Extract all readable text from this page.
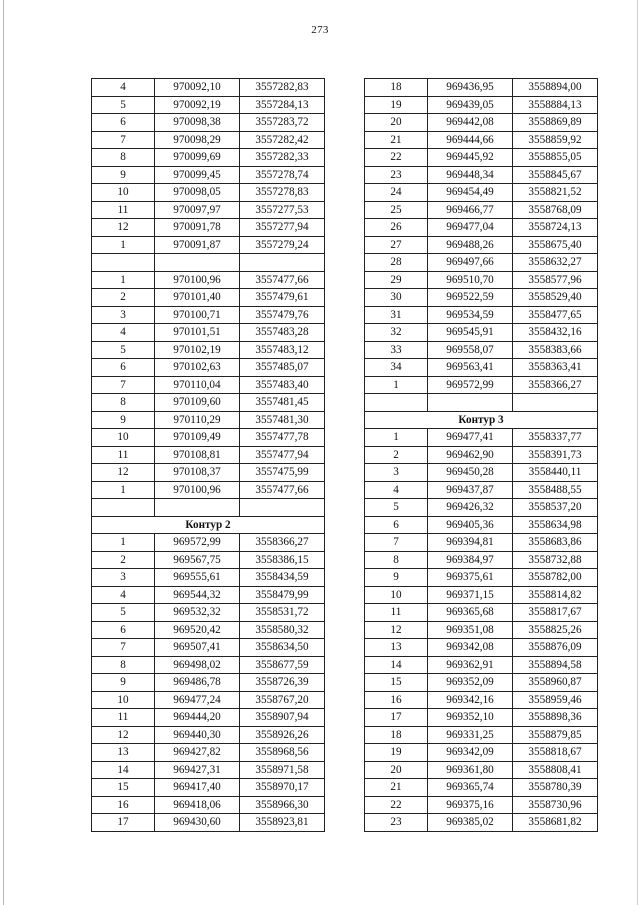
273
4	970092,10	3557282,83
5	970092,19	3557284,13
6	970098,38	3557283,72
7	970098,29	3557282,42
8	970099,69	3557282,33
9	970099,45	3557278,74
10	970098,05	3557278,83
11	970097,97	3557277,53
12	970091,78	3557277,94
1	970091,87	3557279,24

1	970100,96	3557477,66
2	970101,40	3557479,61
3	970100,71	3557479,76
4	970101,51	3557483,28
5	970102,19	3557483,12
6	970102,63	3557485,07
7	970110,04	3557483,40
8	970109,60	3557481,45
9	970110,29	3557481,30
10	970109,49	3557477,78
11	970108,81	3557477,94
12	970108,37	3557475,99
1	970100,96	3557477,66

Контур 2		
1	969572,99	3558366,27
2	969567,75	3558386,15
3	969555,61	3558434,59
4	969544,32	3558479,99
5	969532,32	3558531,72
6	969520,42	3558580,32
7	969507,41	3558634,50
8	969498,02	3558677,59
9	969486,78	3558726,39
10	969477,24	3558767,20
11	969444,20	3558907,94
12	969440,30	3558926,26
13	969427,82	3558968,56
14	969427,31	3558971,58
15	969417,40	3558970,17
16	969418,06	3558966,30
17	969430,60	3558923,81
18	969436,95	3558894,00
19	969439,05	3558884,13
20	969442,08	3558869,89
21	969444,66	3558859,92
22	969445,92	3558855,05
23	969448,34	3558845,67
24	969454,49	3558821,52
25	969466,77	3558768,09
26	969477,04	3558724,13
27	969488,26	3558675,40
28	969497,66	3558632,27
29	969510,70	3558577,96
30	969522,59	3558529,40
31	969534,59	3558477,65
32	969545,91	3558432,16
33	969558,07	3558383,66
34	969563,41	3558363,41
1	969572,99	3558366,27

Контур 3		
1	969477,41	3558337,77
2	969462,90	3558391,73
3	969450,28	3558440,11
4	969437,87	3558488,55
5	969426,32	3558537,20
6	969405,36	3558634,98
7	969394,81	3558683,86
8	969384,97	3558732,88
9	969375,61	3558782,00
10	969371,15	3558814,82
11	969365,68	3558817,67
12	969351,08	3558825,26
13	969342,08	3558876,09
14	969362,91	3558894,58
15	969352,09	3558960,87
16	969342,16	3558959,46
17	969352,10	3558898,36
18	969331,25	3558879,85
19	969342,09	3558818,67
20	969361,80	3558808,41
21	969365,74	3558780,39
22	969375,16	3558730,96
23	969385,02	3558681,82
